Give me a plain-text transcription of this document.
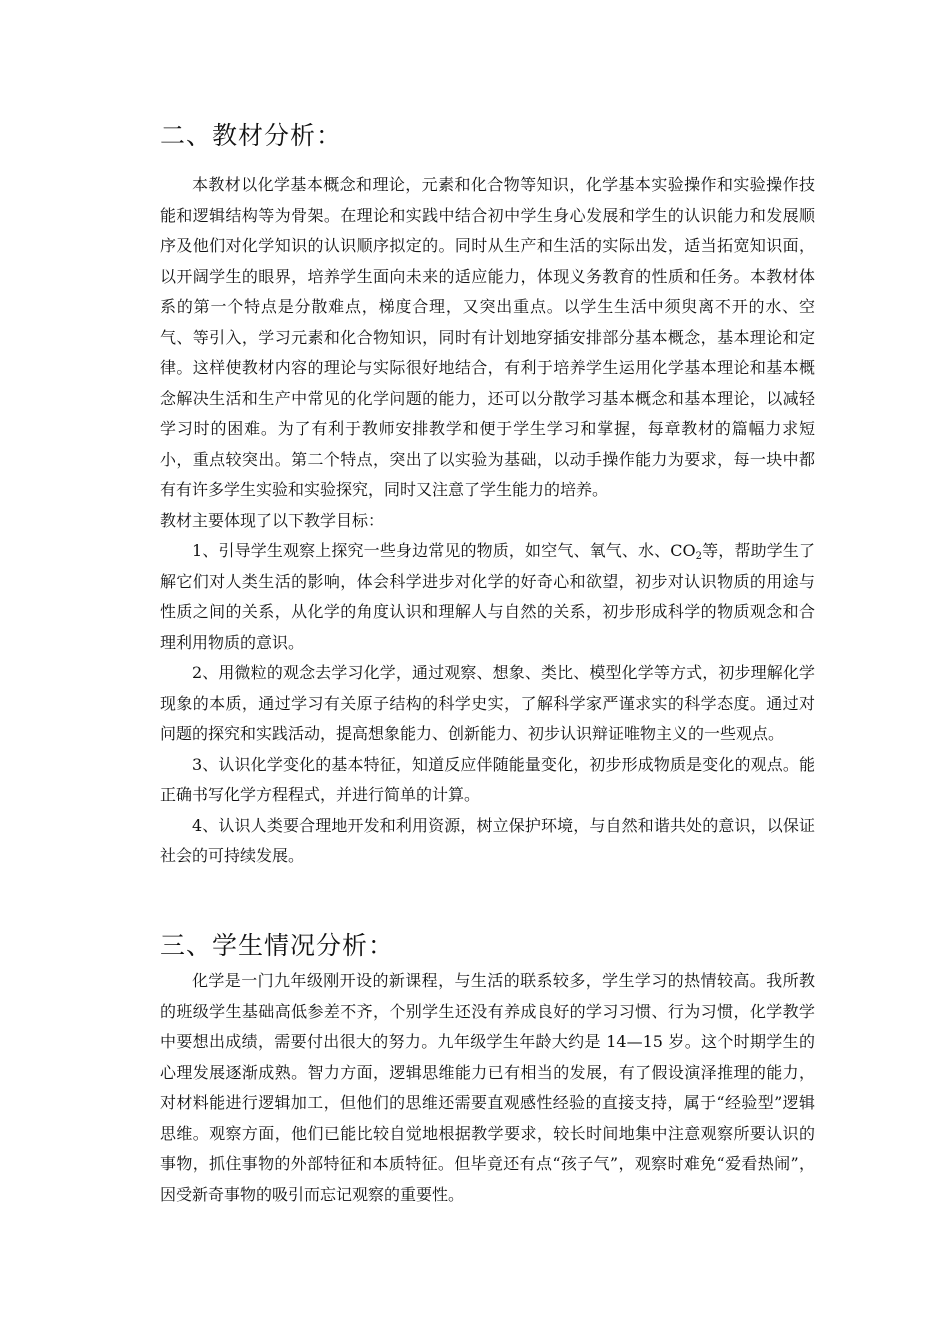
二、教材分析：

本教材以化学基本概念和理论，元素和化合物等知识，化学基本实验操作和实验操作技能和逻辑结构等为骨架。在理论和实践中结合初中学生身心发展和学生的认识能力和发展顺序及他们对化学知识的认识顺序拟定的。同时从生产和生活的实际出发，适当拓宽知识面，以开阔学生的眼界，培养学生面向未来的适应能力，体现义务教育的性质和任务。本教材体系的第一个特点是分散难点，梯度合理，又突出重点。以学生生活中须臾离不开的水、空气、等引入，学习元素和化合物知识，同时有计划地穿插安排部分基本概念，基本理论和定律。这样使教材内容的理论与实际很好地结合，有利于培养学生运用化学基本理论和基本概念解决生活和生产中常见的化学问题的能力，还可以分散学习基本概念和基本理论，以减轻学习时的困难。为了有利于教师安排教学和便于学生学习和掌握，每章教材的篇幅力求短小，重点较突出。第二个特点，突出了以实验为基础，以动手操作能力为要求，每一块中都有有许多学生实验和实验探究，同时又注意了学生能力的培养。

教材主要体现了以下教学目标：

1、引导学生观察上探究一些身边常见的物质，如空气、氧气、水、$CO_2$等，帮助学生了解它们对人类生活的影响，体会科学进步对化学的好奇心和欲望，初步对认识物质的用途与性质之间的关系，从化学的角度认识和理解人与自然的关系，初步形成科学的物质观念和合理利用物质的意识。

2、用微粒的观念去学习化学，通过观察、想象、类比、模型化学等方式，初步理解化学现象的本质，通过学习有关原子结构的科学史实，了解科学家严谨求实的科学态度。通过对问题的探究和实践活动，提高想象能力、创新能力、初步认识辩证唯物主义的一些观点。

3、认识化学变化的基本特征，知道反应伴随能量变化，初步形成物质是变化的观点。能正确书写化学方程程式，并进行简单的计算。

4、认识人类要合理地开发和利用资源，树立保护环境，与自然和谐共处的意识，以保证社会的可持续发展。

三、学生情况分析：

化学是一门九年级刚开设的新课程，与生活的联系较多，学生学习的热情较高。我所教的班级学生基础高低参差不齐，个别学生还没有养成良好的学习习惯、行为习惯，化学教学中要想出成绩，需要付出很大的努力。九年级学生年龄大约是 14—15 岁。这个时期学生的心理发展逐渐成熟。智力方面，逻辑思维能力已有相当的发展，有了假设演泽推理的能力，对材料能进行逻辑加工，但他们的思维还需要直观感性经验的直接支持，属于“经验型”逻辑思维。观察方面，他们已能比较自觉地根据教学要求，较长时间地集中注意观察所要认识的事物，抓住事物的外部特征和本质特征。但毕竟还有点“孩子气”，观察时难免“爱看热闹”，因受新奇事物的吸引而忘记观察的重要性。
